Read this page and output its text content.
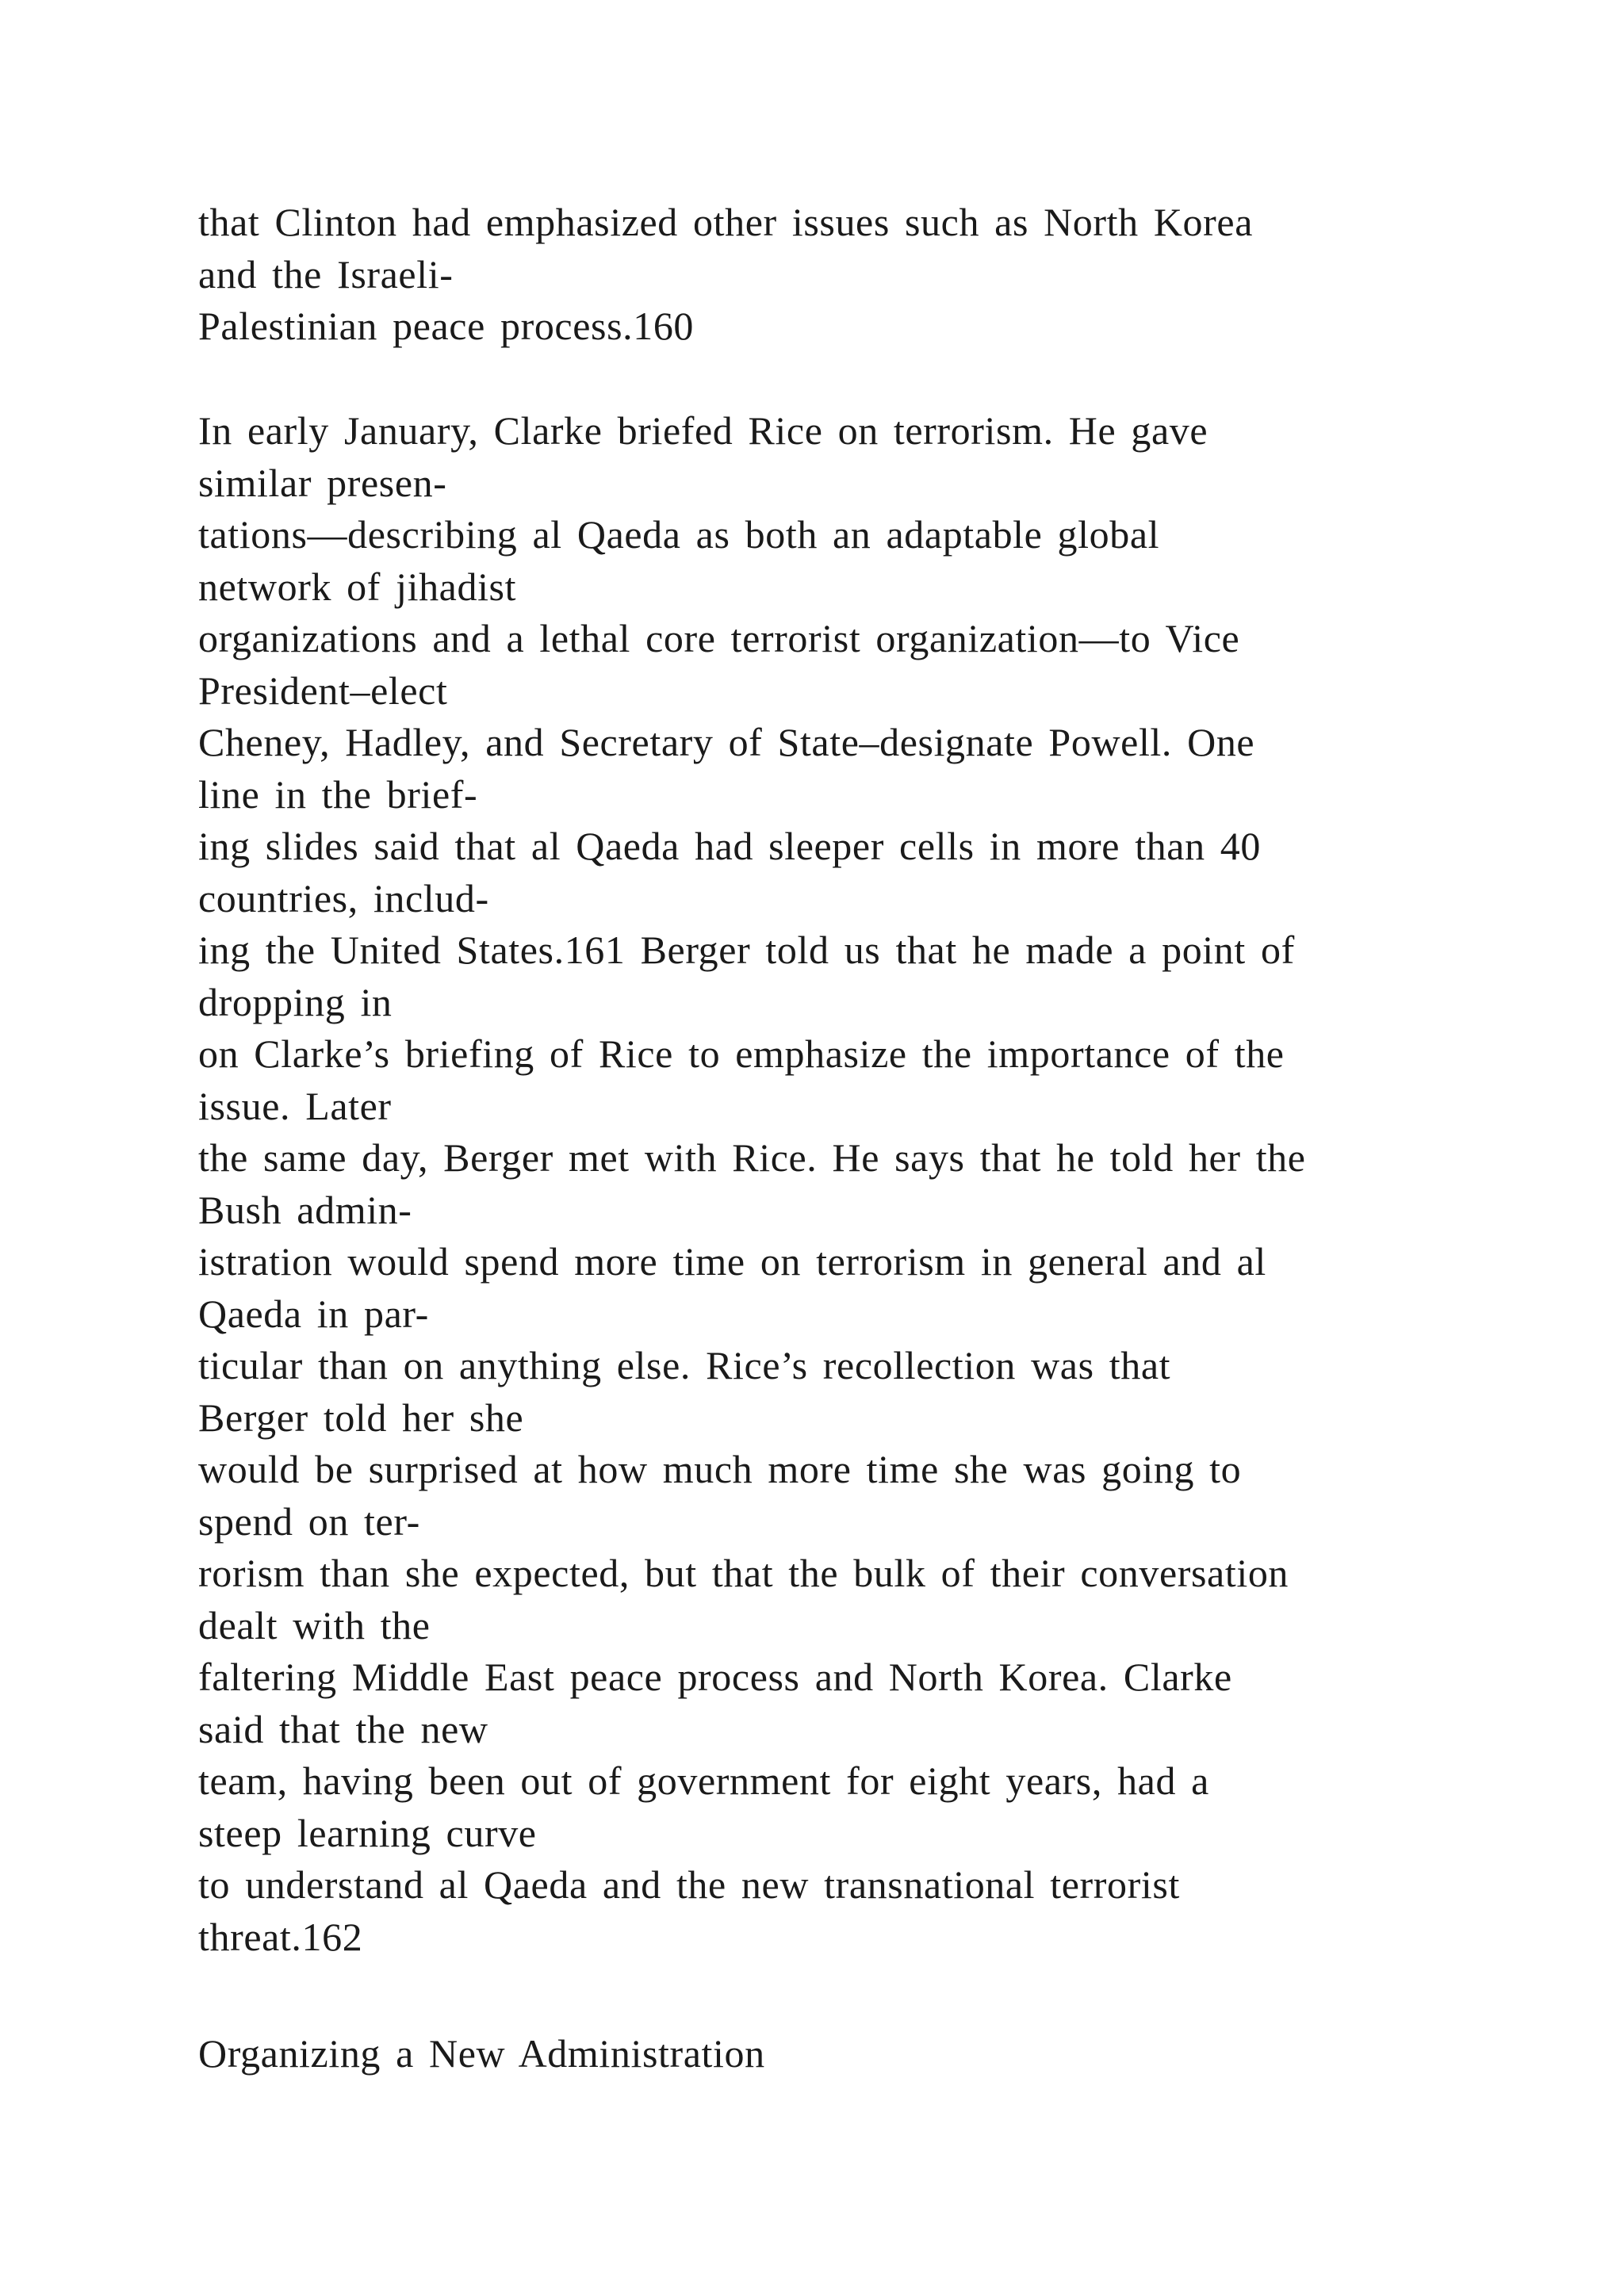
that Clinton had emphasized other issues such as North Korea
and the Israeli-
Palestinian peace process.160
In early January, Clarke briefed Rice on terrorism. He gave
similar presen-
tations—describing al Qaeda as both an adaptable global
network of jihadist
organizations and a lethal core terrorist organization—to Vice
President–elect
Cheney, Hadley, and Secretary of State–designate Powell. One
line in the brief-
ing slides said that al Qaeda had sleeper cells in more than 40
countries, includ-
ing the United States.161 Berger told us that he made a point of
dropping in
on Clarke’s briefing of Rice to emphasize the importance of the
issue. Later
the same day, Berger met with Rice. He says that he told her the
Bush admin-
istration would spend more time on terrorism in general and al
Qaeda in par-
ticular than on anything else. Rice’s recollection was that
Berger told her she
would be surprised at how much more time she was going to
spend on ter-
rorism than she expected, but that the bulk of their conversation
dealt with the
faltering Middle East peace process and North Korea. Clarke
said that the new
team, having been out of government for eight years, had a
steep learning curve
to understand al Qaeda and the new transnational terrorist
threat.162
Organizing a New Administration
